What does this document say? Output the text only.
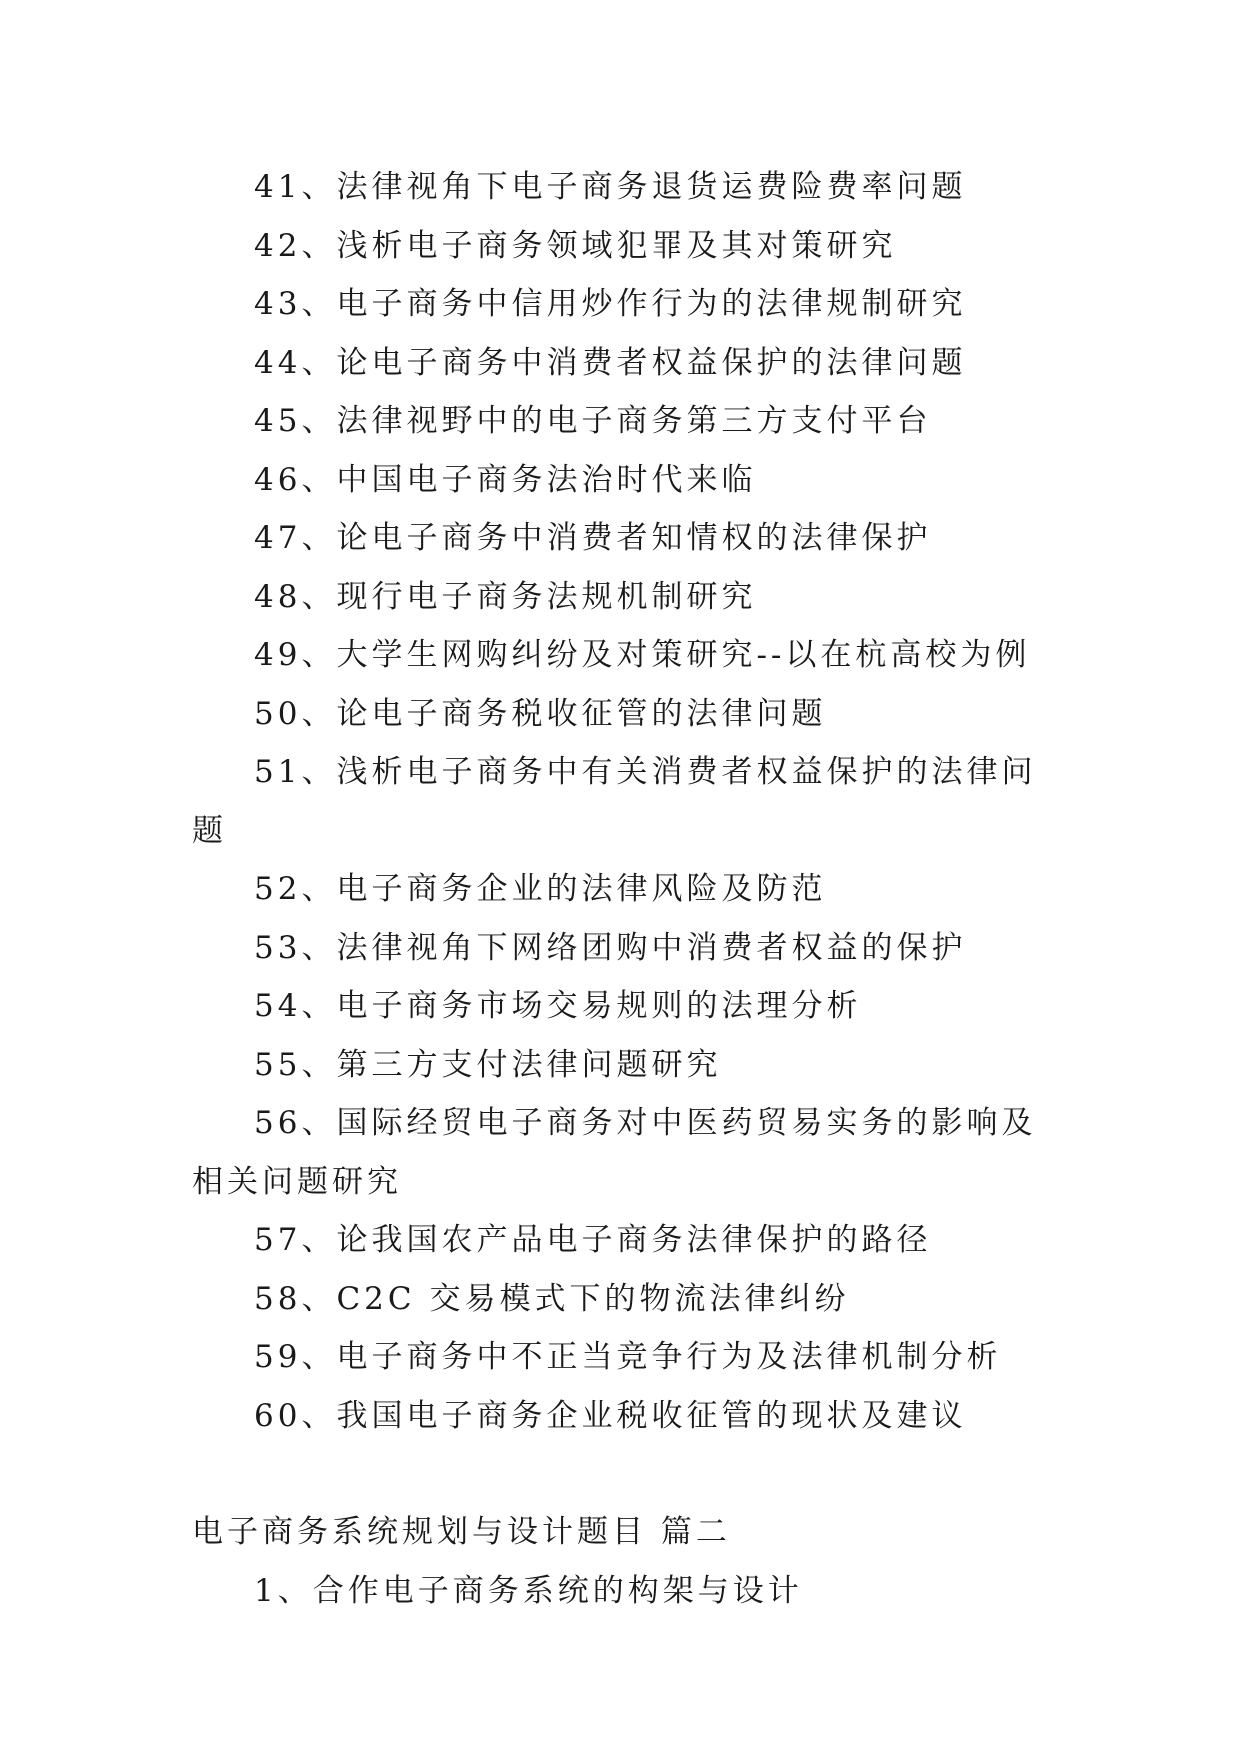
41、法律视角下电子商务退货运费险费率问题

42、浅析电子商务领域犯罪及其对策研究

43、电子商务中信用炒作行为的法律规制研究

44、论电子商务中消费者权益保护的法律问题

45、法律视野中的电子商务第三方支付平台

46、中国电子商务法治时代来临

47、论电子商务中消费者知情权的法律保护

48、现行电子商务法规机制研究

49、大学生网购纠纷及对策研究--以在杭高校为例

50、论电子商务税收征管的法律问题

51、浅析电子商务中有关消费者权益保护的法律问题

52、电子商务企业的法律风险及防范

53、法律视角下网络团购中消费者权益的保护

54、电子商务市场交易规则的法理分析

55、第三方支付法律问题研究

56、国际经贸电子商务对中医药贸易实务的影响及相关问题研究

57、论我国农产品电子商务法律保护的路径

58、C2C 交易模式下的物流法律纠纷

59、电子商务中不正当竞争行为及法律机制分析

60、我国电子商务企业税收征管的现状及建议

电子商务系统规划与设计题目 篇二

1、合作电子商务系统的构架与设计
